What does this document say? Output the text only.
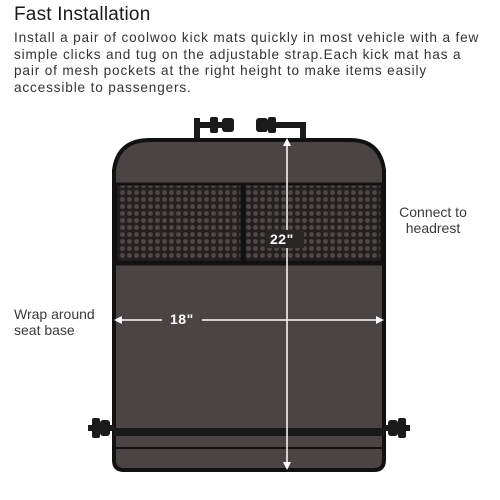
Fast Installation
Install a pair of coolwoo kick mats quickly in most vehicle with a few simple clicks and tug on the adjustable strap.Each kick mat has a pair of mesh pockets at the right height to make items easily accessible to passengers.
22"
18"
Connect to
headrest
Wrap around
seat base
